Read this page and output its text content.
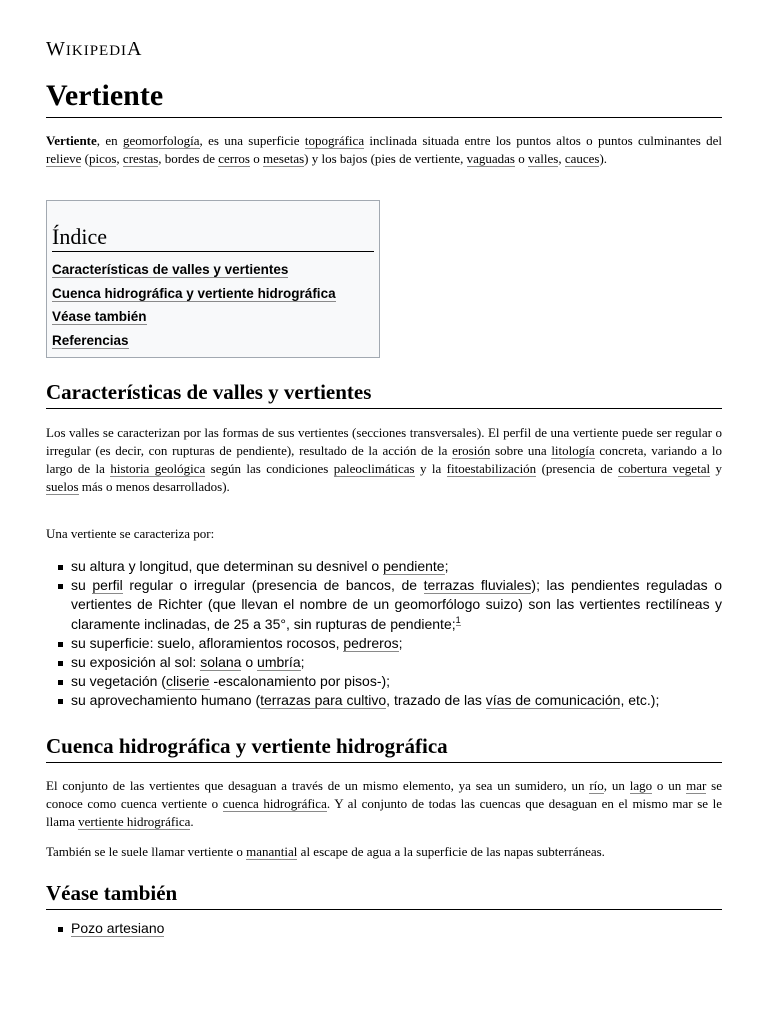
WIKIPEDIA
Vertiente

Vertiente, en geomorfología, es una superficie topográfica inclinada situada entre los puntos altos o puntos culminantes del relieve (picos, crestas, bordes de cerros o mesetas) y los bajos (pies de vertiente, vaguadas o valles, cauces).

Índice
Características de valles y vertientes
Cuenca hidrográfica y vertiente hidrográfica
Véase también
Referencias
Características de valles y vertientes

Los valles se caracterizan por las formas de sus vertientes (secciones transversales). El perfil de una vertiente puede ser regular o irregular (es decir, con rupturas de pendiente), resultado de la acción de la erosión sobre una litología concreta, variando a lo largo de la historia geológica según las condiciones paleoclimáticas y la fitoestabilización (presencia de cobertura vegetal y suelos más o menos desarrollados).

Una vertiente se caracteriza por:

su altura y longitud, que determinan su desnivel o pendiente;
su perfil regular o irregular (presencia de bancos, de terrazas fluviales); las pendientes reguladas o vertientes de Richter (que llevan el nombre de un geomorfólogo suizo) son las vertientes rectilíneas y claramente inclinadas, de 25 a 35°, sin rupturas de pendiente;$^1$
su superficie: suelo, afloramientos rocosos, pedreros;
su exposición al sol: solana o umbría;
su vegetación (cliserie -escalonamiento por pisos-);
su aprovechamiento humano (terrazas para cultivo, trazado de las vías de comunicación, etc.);
Cuenca hidrográfica y vertiente hidrográfica

El conjunto de las vertientes que desaguan a través de un mismo elemento, ya sea un sumidero, un río, un lago o un mar se conoce como cuenca vertiente o cuenca hidrográfica. Y al conjunto de todas las cuencas que desaguan en el mismo mar se le llama vertiente hidrográfica.

También se le suele llamar vertiente o manantial al escape de agua a la superficie de las napas subterráneas.

Véase también
Pozo artesiano
